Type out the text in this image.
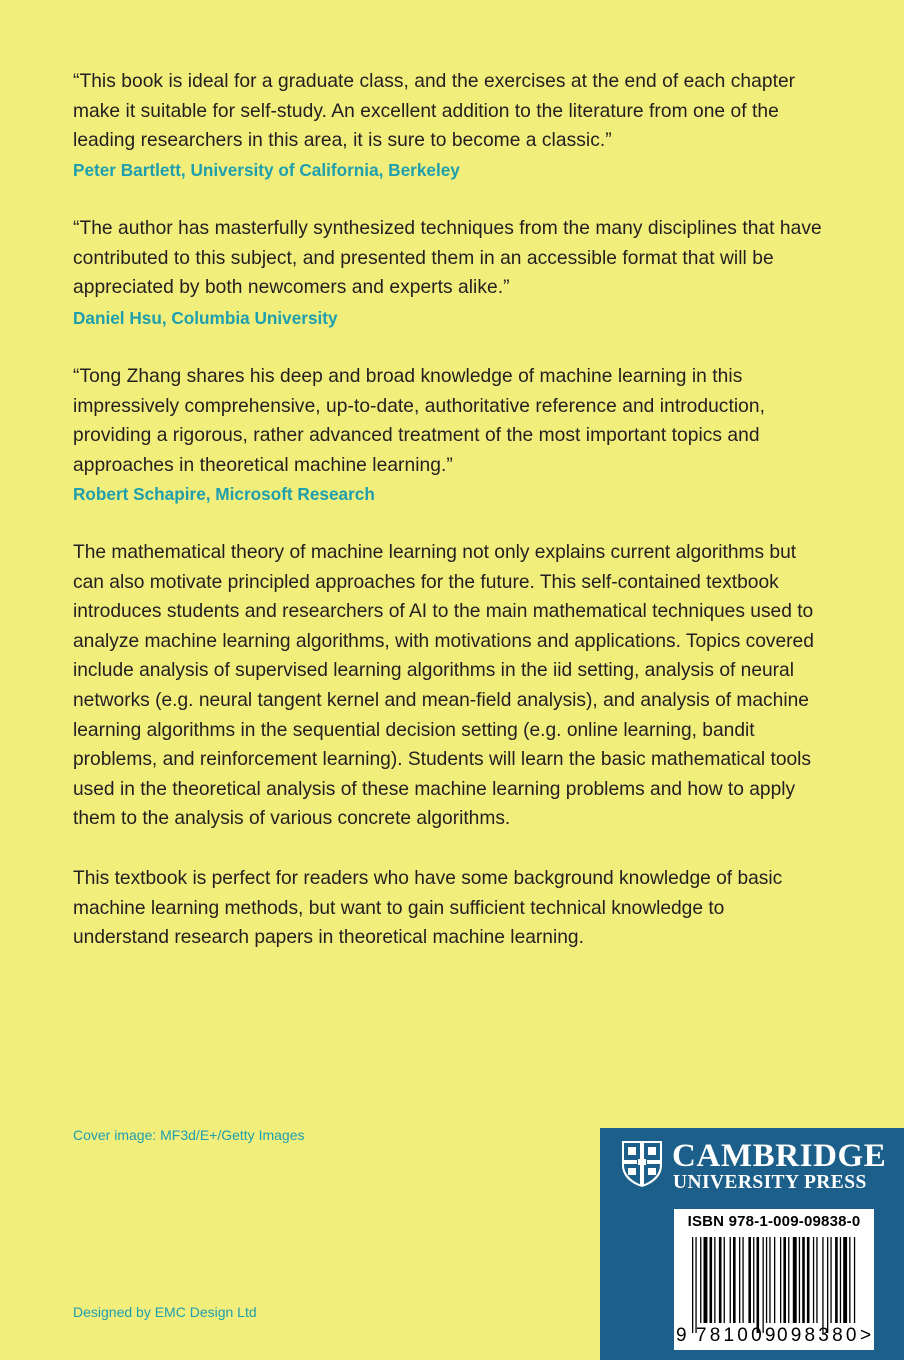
“This book is ideal for a graduate class, and the exercises at the end of each chapter
make it suitable for self-study. An excellent addition to the literature from one of the
leading researchers in this area, it is sure to become a classic.”

Peter Bartlett, University of California, Berkeley

“The author has masterfully synthesized techniques from the many disciplines that have
contributed to this subject, and presented them in an accessible format that will be
appreciated by both newcomers and experts alike.”

Daniel Hsu, Columbia University

“Tong Zhang shares his deep and broad knowledge of machine learning in this
impressively comprehensive, up-to-date, authoritative reference and introduction,
providing a rigorous, rather advanced treatment of the most important topics and
approaches in theoretical machine learning.”

Robert Schapire, Microsoft Research

The mathematical theory of machine learning not only explains current algorithms but
can also motivate principled approaches for the future. This self-contained textbook
introduces students and researchers of AI to the main mathematical techniques used to
analyze machine learning algorithms, with motivations and applications. Topics covered
include analysis of supervised learning algorithms in the iid setting, analysis of neural
networks (e.g. neural tangent kernel and mean-field analysis), and analysis of machine
learning algorithms in the sequential decision setting (e.g. online learning, bandit
problems, and reinforcement learning). Students will learn the basic mathematical tools
used in the theoretical analysis of these machine learning problems and how to apply
them to the analysis of various concrete algorithms.

This textbook is perfect for readers who have some background knowledge of basic
machine learning methods, but want to gain sufficient technical knowledge to
understand research papers in theoretical machine learning.

Cover image: MF3d/E+/Getty Images

Designed by EMC Design Ltd

CAMBRIDGE

UNIVERSITY PRESS

ISBN 978-1-009-09838-0

9 781009
098380 >
